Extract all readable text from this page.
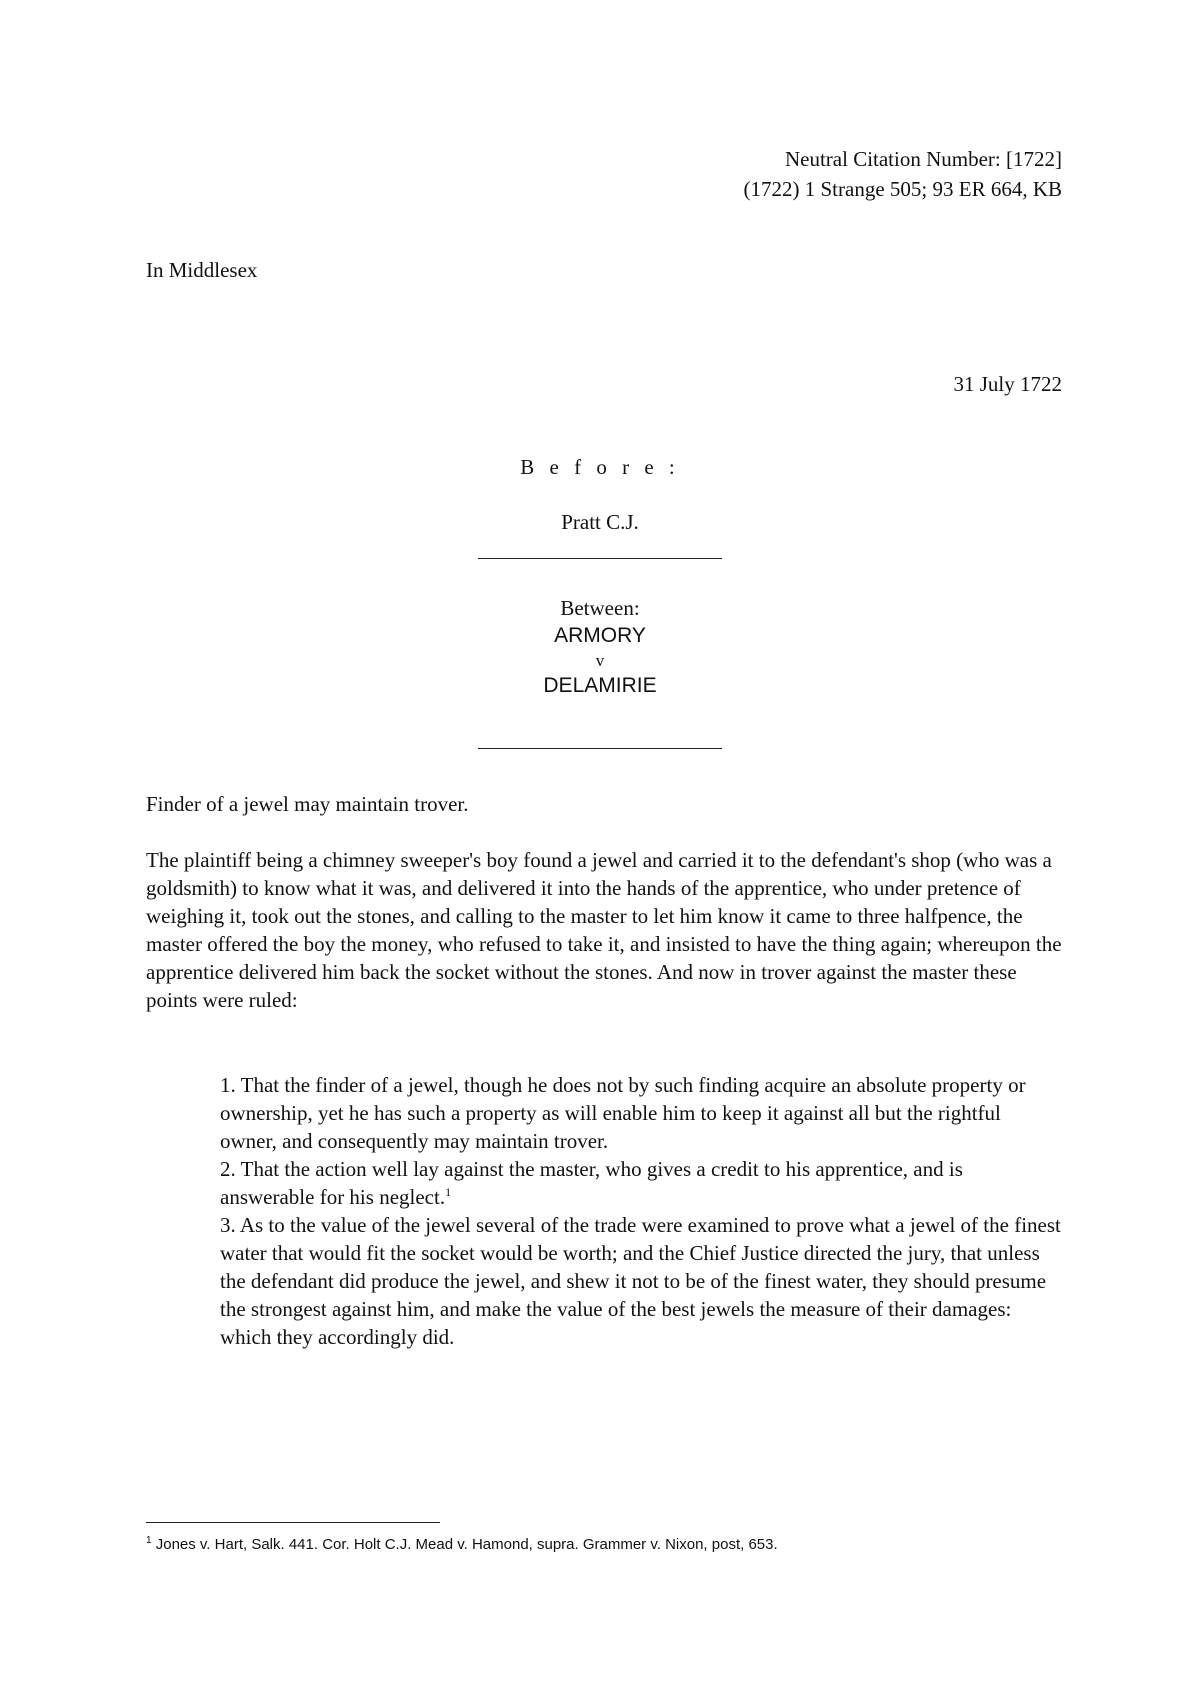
Neutral Citation Number: [1722]
(1722) 1 Strange 505; 93 ER 664, KB
In Middlesex
31 July 1722
B e f o r e :
Pratt C.J.
Between:
ARMORY
v
DELAMIRIE
Finder of a jewel may maintain trover.
The plaintiff being a chimney sweeper's boy found a jewel and carried it to the defendant's shop (who was a goldsmith) to know what it was, and delivered it into the hands of the apprentice, who under pretence of weighing it, took out the stones, and calling to the master to let him know it came to three halfpence, the master offered the boy the money, who refused to take it, and insisted to have the thing again; whereupon the apprentice delivered him back the socket without the stones. And now in trover against the master these points were ruled:

1. That the finder of a jewel, though he does not by such finding acquire an absolute property or ownership, yet he has such a property as will enable him to keep it against all but the rightful owner, and consequently may maintain trover.

2. That the action well lay against the master, who gives a credit to his apprentice, and is answerable for his neglect.$^1$

3. As to the value of the jewel several of the trade were examined to prove what a jewel of the finest water that would fit the socket would be worth; and the Chief Justice directed the jury, that unless the defendant did produce the jewel, and shew it not to be of the finest water, they should presume the strongest against him, and make the value of the best jewels the measure of their damages: which they accordingly did.

$^1$ Jones v. Hart, Salk. 441. Cor. Holt C.J. Mead v. Hamond, supra. Grammer v. Nixon, post, 653.
